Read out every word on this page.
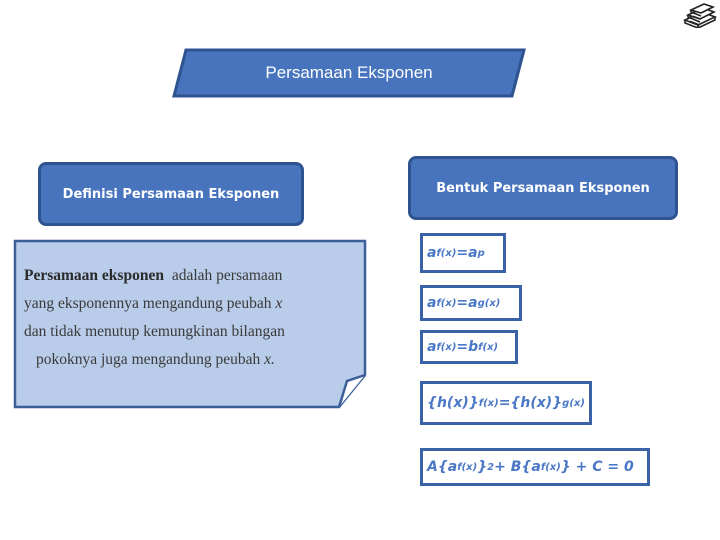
Persamaan Eksponen
Definisi Persamaan Eksponen	Bentuk Persamaan Eksponen
Persamaan eksponen adalah persamaan
yang eksponennya mengandung peubah x
dan tidak menutup kemungkinan bilangan
pokoknya juga mengandung peubah x.
a f(x) = a p
a f(x) = a g(x)
a f(x) = b f(x)
{h(x)} f(x) = {h(x)} g(x)
A{a f(x) } 2 + B{a f(x) } + C = 0
